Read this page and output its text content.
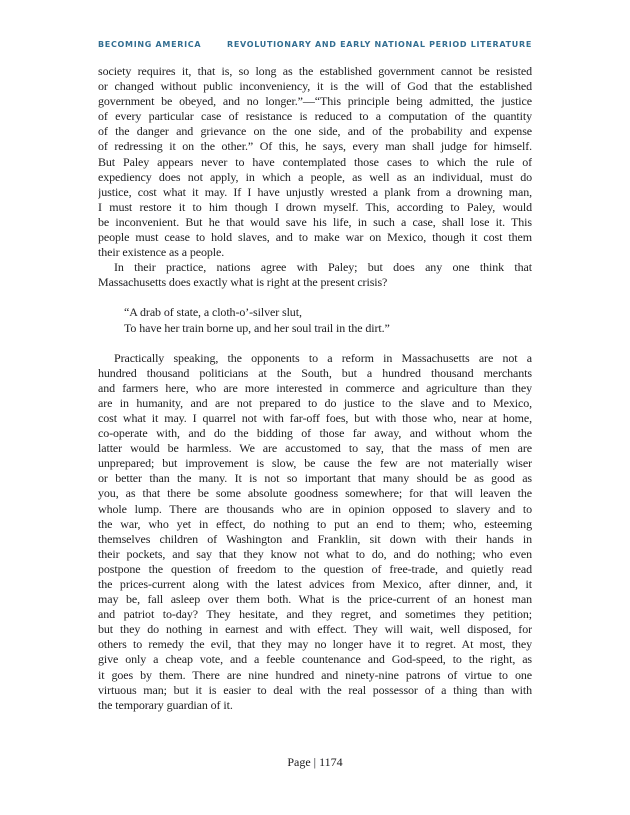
BECOMING AMERICA	REVOLUTIONARY AND EARLY NATIONAL PERIOD LITERATURE
society requires it, that is, so long as the established government cannot be resisted
or changed without public inconveniency, it is the will of God that the established
government be obeyed, and no longer.”—“This principle being admitted, the justice
of every particular case of resistance is reduced to a computation of the quantity
of the danger and grievance on the one side, and of the probability and expense
of redressing it on the other.” Of this, he says, every man shall judge for himself.
But Paley appears never to have contemplated those cases to which the rule of
expediency does not apply, in which a people, as well as an individual, must do
justice, cost what it may. If I have unjustly wrested a plank from a drowning man,
I must restore it to him though I drown myself. This, according to Paley, would
be inconvenient. But he that would save his life, in such a case, shall lose it. This
people must cease to hold slaves, and to make war on Mexico, though it cost them
their existence as a people.
In their practice, nations agree with Paley; but does any one think that
Massachusetts does exactly what is right at the present crisis?
“A drab of state, a cloth-o’-silver slut,
To have her train borne up, and her soul trail in the dirt.”
Practically speaking, the opponents to a reform in Massachusetts are not a
hundred thousand politicians at the South, but a hundred thousand merchants
and farmers here, who are more interested in commerce and agriculture than they
are in humanity, and are not prepared to do justice to the slave and to Mexico,
cost what it may. I quarrel not with far-off foes, but with those who, near at home,
co-operate with, and do the bidding of those far away, and without whom the
latter would be harmless. We are accustomed to say, that the mass of men are
unprepared; but improvement is slow, be cause the few are not materially wiser
or better than the many. It is not so important that many should be as good as
you, as that there be some absolute goodness somewhere; for that will leaven the
whole lump. There are thousands who are in opinion opposed to slavery and to
the war, who yet in effect, do nothing to put an end to them; who, esteeming
themselves children of Washington and Franklin, sit down with their hands in
their pockets, and say that they know not what to do, and do nothing; who even
postpone the question of freedom to the question of free-trade, and quietly read
the prices-current along with the latest advices from Mexico, after dinner, and, it
may be, fall asleep over them both. What is the price-current of an honest man
and patriot to-day? They hesitate, and they regret, and sometimes they petition;
but they do nothing in earnest and with effect. They will wait, well disposed, for
others to remedy the evil, that they may no longer have it to regret. At most, they
give only a cheap vote, and a feeble countenance and God-speed, to the right, as
it goes by them. There are nine hundred and ninety-nine patrons of virtue to one
virtuous man; but it is easier to deal with the real possessor of a thing than with
the temporary guardian of it.
Page | 1174
